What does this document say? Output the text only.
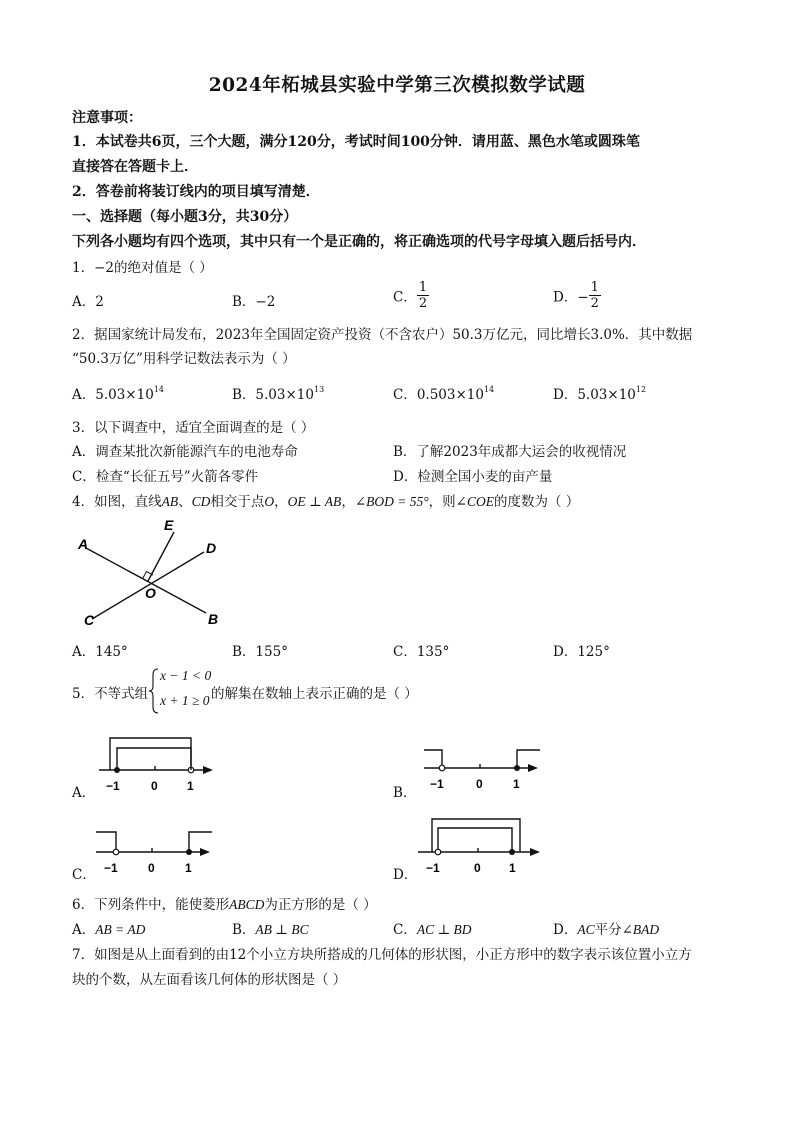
2024年柘城县实验中学第三次模拟数学试题
注意事项：
1．本试卷共6页，三个大题，满分120分，考试时间100分钟．请用蓝、黑色水笔或圆珠笔
直接答在答题卡上．
2．答卷前将装订线内的项目填写清楚．
一、选择题（每小题3分，共30分）
下列各小题均有四个选项，其中只有一个是正确的，将正确选项的代号字母填入题后括号内．
1．−2的绝对值是（ ）
A．2	B．−2	C． $\frac{1}{2}$	D．− $\frac{1}{2}$
2．据国家统计局发布，2023年全国固定资产投资（不含农户）50.3万亿元，同比增长3.0%．其中数据
“50.3万亿”用科学记数法表示为（ ）
A．$5.03\times 10^{14}$	B．$5.03\times 10^{13}$	C．$0.503\times 10^{14}$	D．$5.03\times 10^{12}$
3．以下调查中，适宜全面调查的是（ ）
A．调查某批次新能源汽车的电池寿命	B．了解2023年成都大运会的收视情况
C．检查“长征五号”火箭各零件	D．检测全国小麦的亩产量
4．如图，直线AB、CD相交于点O，OE ⊥ AB，∠BOD = 55°，则∠COE的度数为（ ）
A
B
C
D
E
O
A．145°	B．155°	C．135°	D．125°
5．不等式组
x − 1 < 0
x + 1 ≥ 0 的解集在数轴上表示正确的是（ ）
A． −1	0 1	B．
−1	0	1
C． −1	0	1	D． −1	0 1
6．下列条件中，能使菱形ABCD为正方形的是（ ）
A．AB = AD	B．AB ⊥ BC	C．AC ⊥ BD	D．AC平分∠BAD
7．如图是从上面看到的由12个小立方块所搭成的几何体的形状图，小正方形中的数字表示该位置小立方
块的个数，从左面看该几何体的形状图是（ ）
